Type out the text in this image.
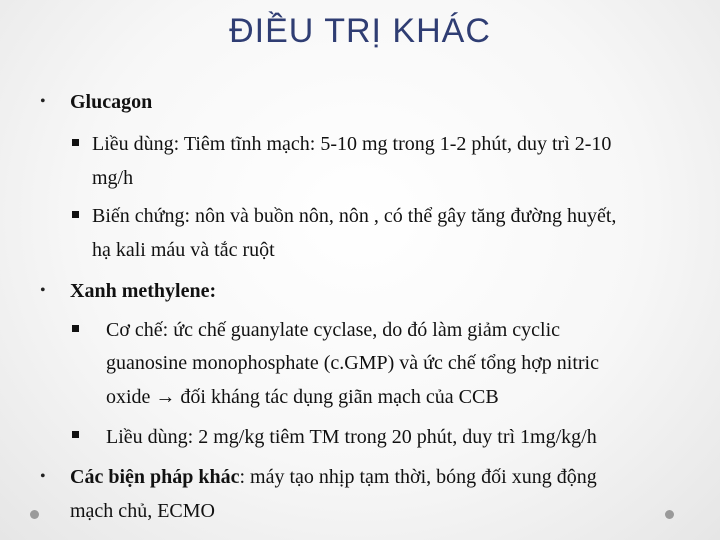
ĐIỀU TRỊ KHÁC
• Glucagon
Liều dùng: Tiêm tĩnh mạch: 5-10 mg trong 1-2 phút, duy trì 2-10
mg/h
Biến chứng: nôn và buồn nôn, nôn , có thể gây tăng đường huyết,
hạ kali máu và tắc ruột
• Xanh methylene:
Cơ chế: ức chế guanylate cyclase, do đó làm giảm cyclic
guanosine monophosphate (c.GMP) và ức chế tổng hợp nitric
oxide → đối kháng tác dụng giãn mạch của CCB
Liều dùng: 2 mg/kg tiêm TM trong 20 phút, duy trì 1mg/kg/h
• Các biện pháp khác: máy tạo nhịp tạm thời, bóng đối xung động
mạch chủ, ECMO
